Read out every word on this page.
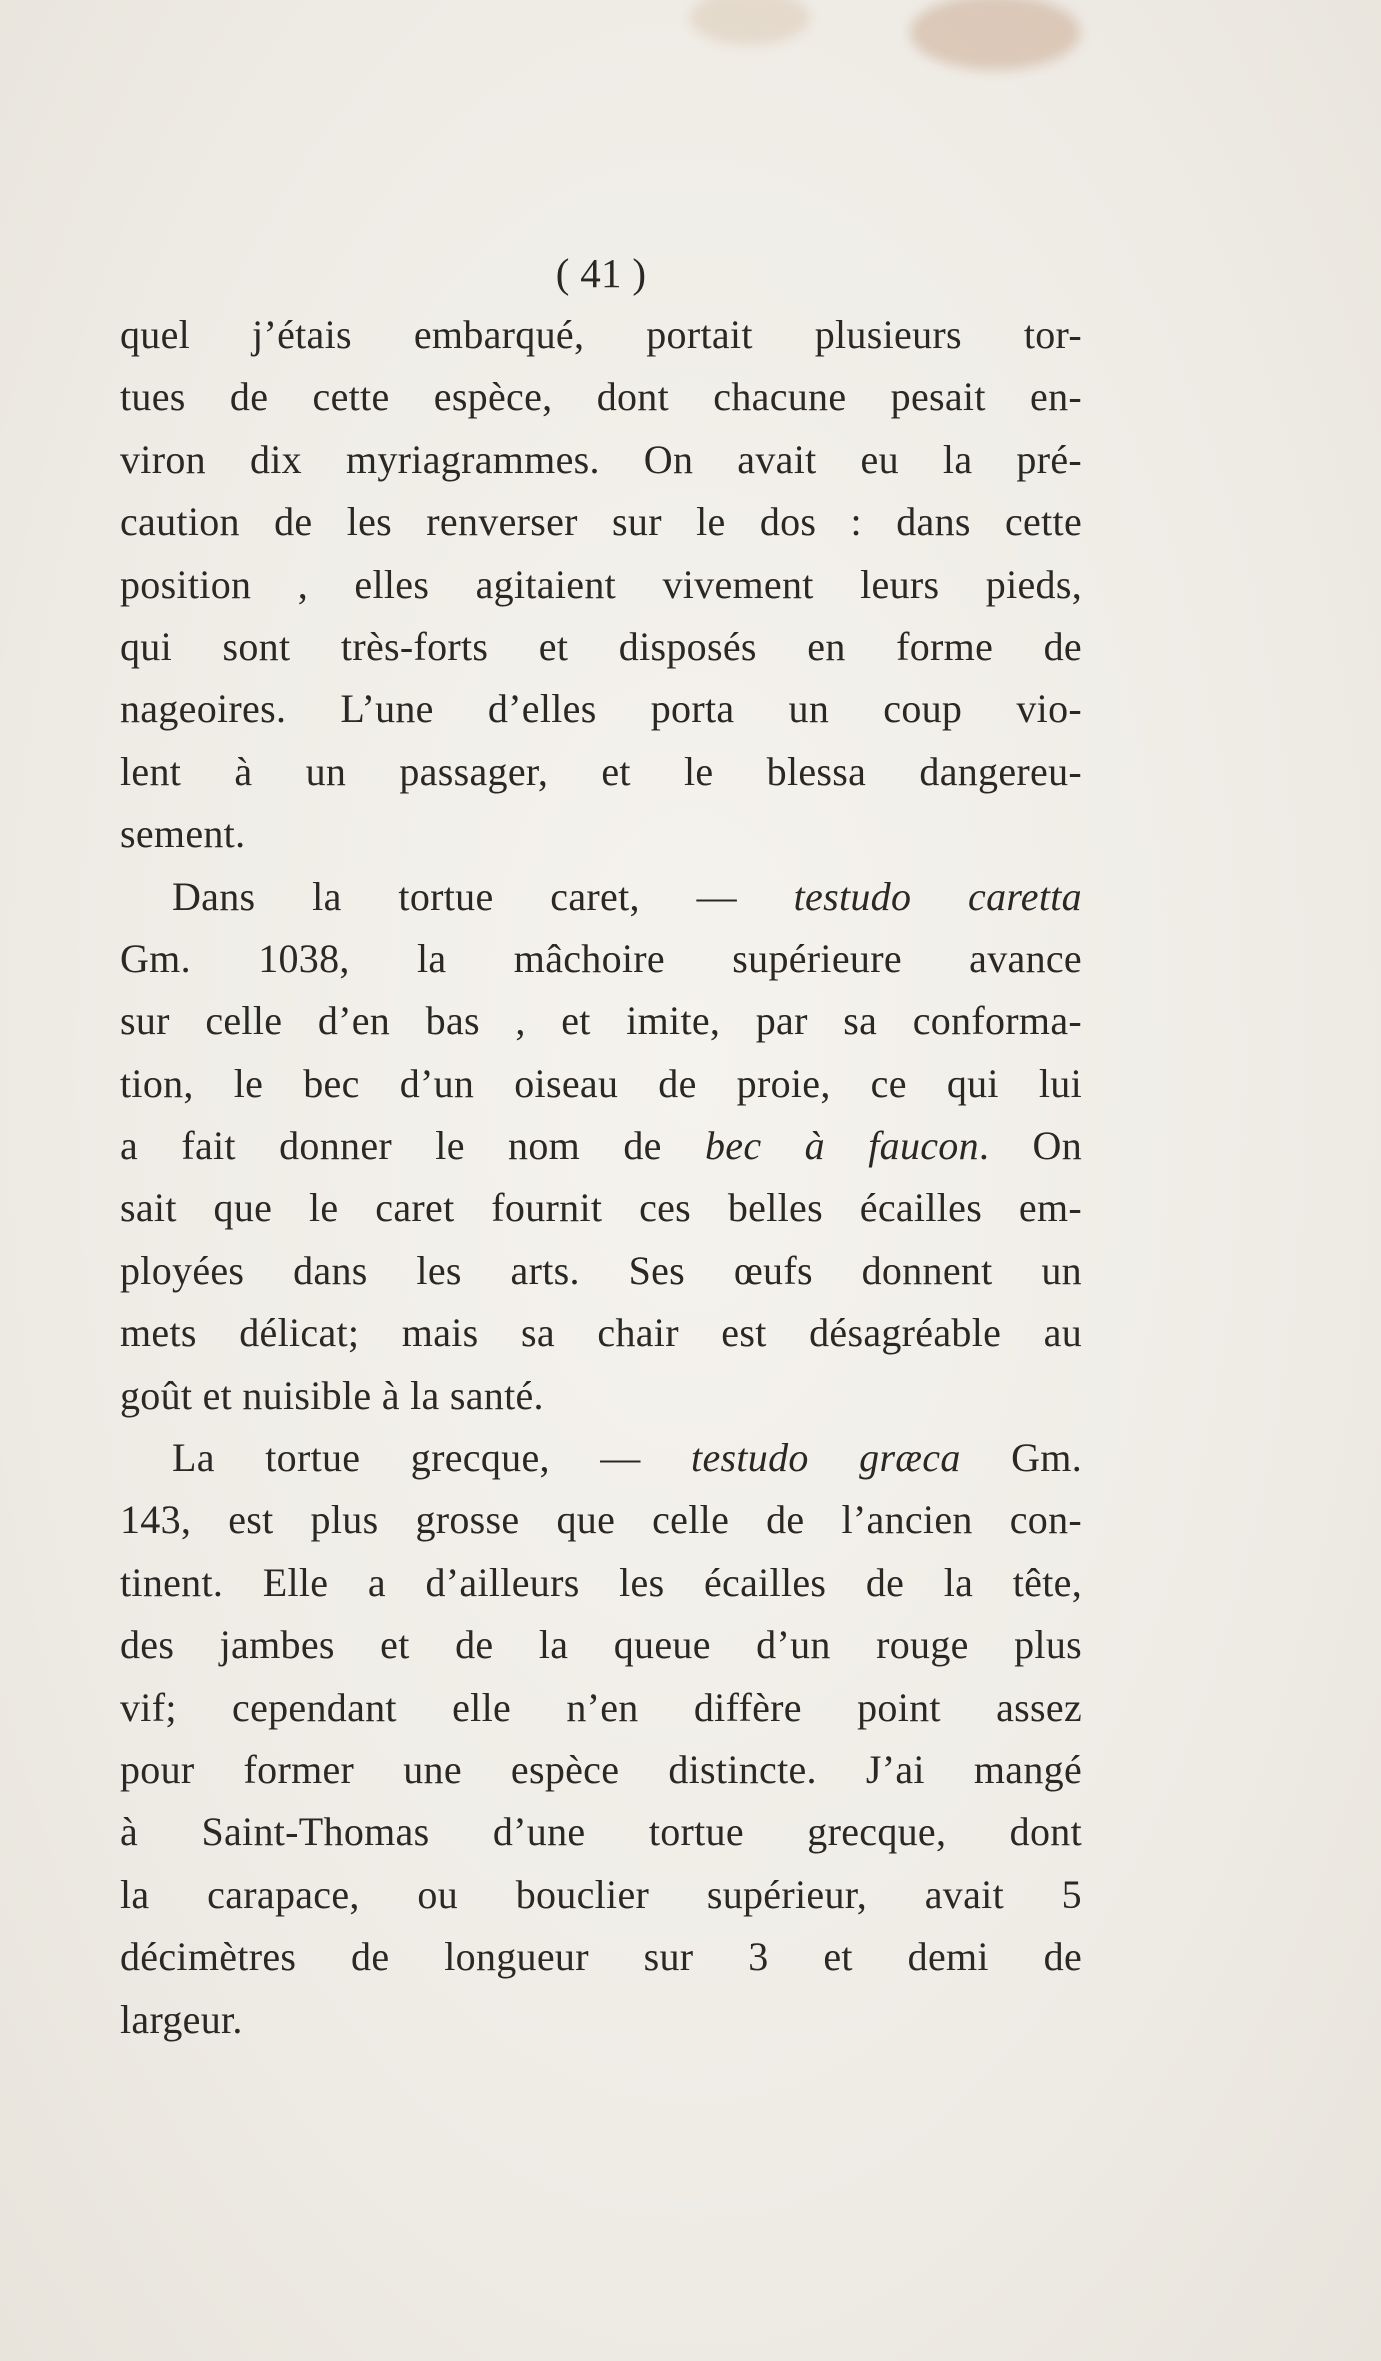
( 41 )
quel j’étais embarqué, portait plusieurs tor-
tues de cette espèce, dont chacune pesait en-
viron dix myriagrammes. On avait eu la pré-
caution de les renverser sur le dos : dans cette
position , elles agitaient vivement leurs pieds,
qui sont très-forts et disposés en forme de
nageoires. L’une d’elles porta un coup vio-
lent à un passager, et le blessa dangereu-
sement.
Dans la tortue caret, — testudo caretta
Gm. 1038, la mâchoire supérieure avance
sur celle d’en bas , et imite, par sa conforma-
tion, le bec d’un oiseau de proie, ce qui lui
a fait donner le nom de bec à faucon. On
sait que le caret fournit ces belles écailles em-
ployées dans les arts. Ses œufs donnent un
mets délicat; mais sa chair est désagréable au
goût et nuisible à la santé.
La tortue grecque, — testudo græca Gm.
143, est plus grosse que celle de l’ancien con-
tinent. Elle a d’ailleurs les écailles de la tête,
des jambes et de la queue d’un rouge plus
vif; cependant elle n’en diffère point assez
pour former une espèce distincte. J’ai mangé
à Saint-Thomas d’une tortue grecque, dont
la carapace, ou bouclier supérieur, avait 5
décimètres de longueur sur 3 et demi de
largeur.
